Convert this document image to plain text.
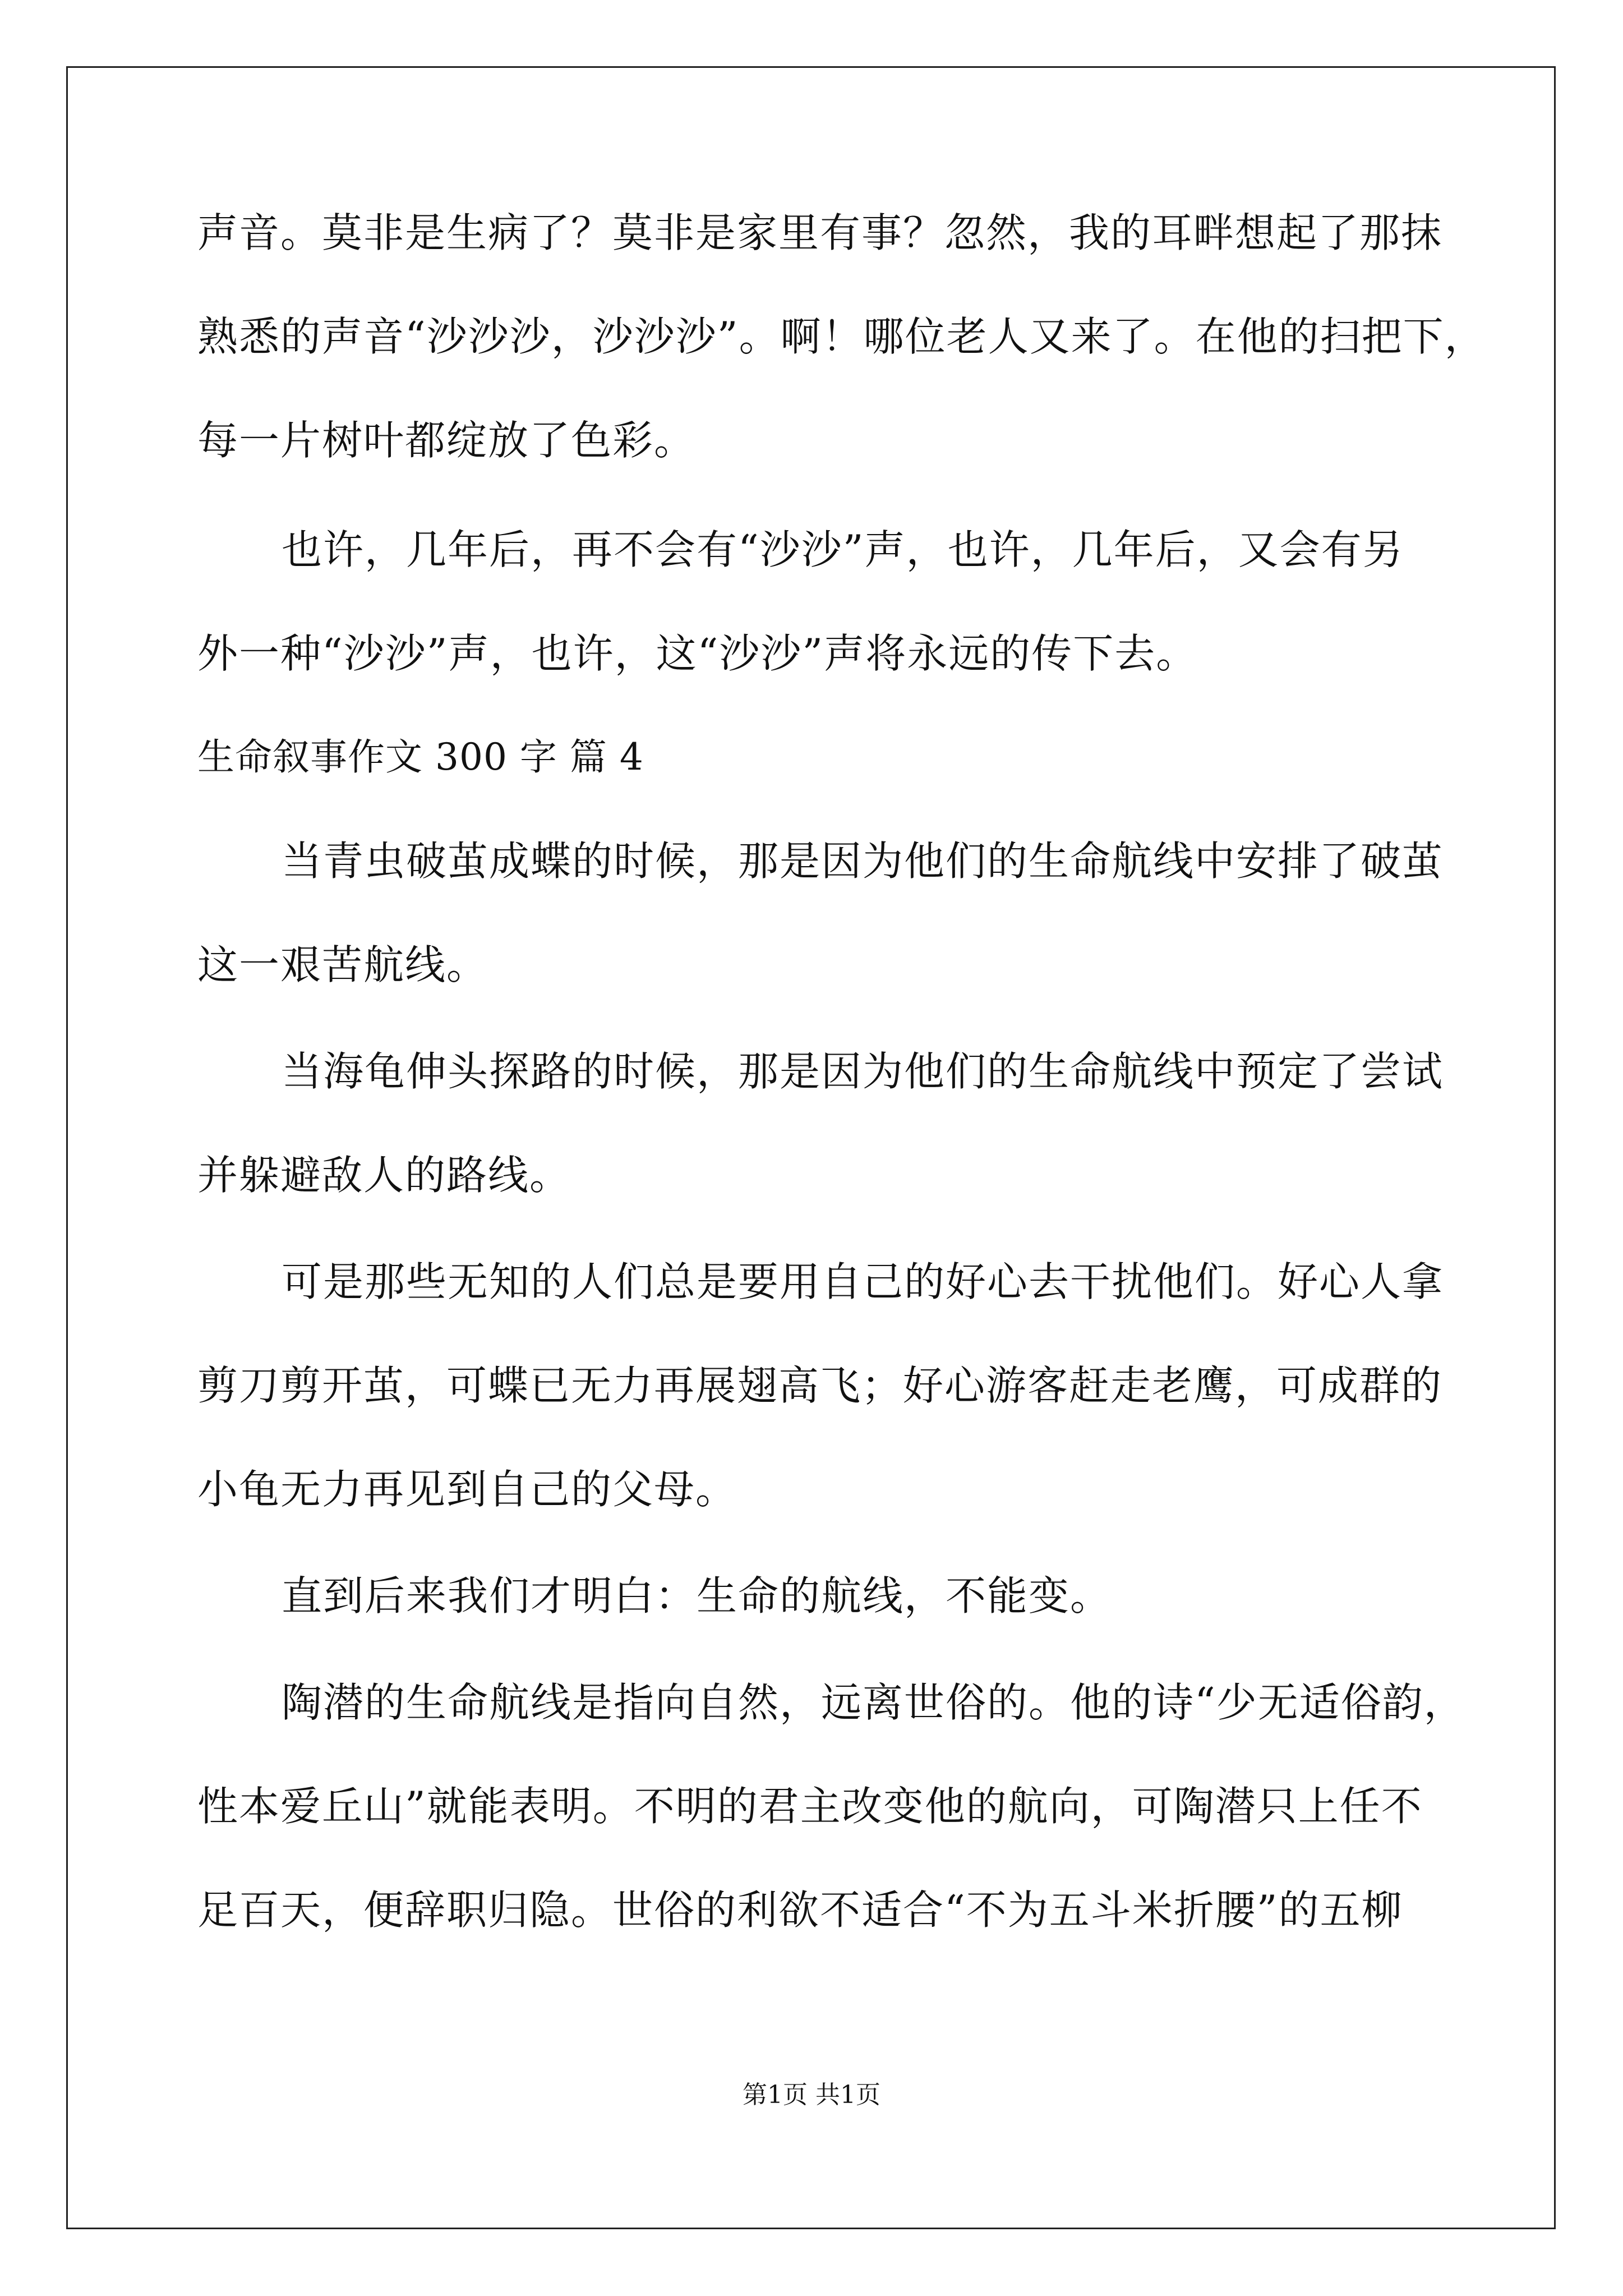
声音。莫非是生病了？莫非是家里有事？忽然，我的耳畔想起了那抹
熟悉的声音“沙沙沙，沙沙沙”。啊！哪位老人又来了。在他的扫把下，
每一片树叶都绽放了色彩。
也许，几年后，再不会有“沙沙”声，也许，几年后，又会有另
外一种“沙沙”声，也许，这“沙沙”声将永远的传下去。
生命叙事作文 300 字 篇 4
当青虫破茧成蝶的时候，那是因为他们的生命航线中安排了破茧
这一艰苦航线。
当海龟伸头探路的时候，那是因为他们的生命航线中预定了尝试
并躲避敌人的路线。
可是那些无知的人们总是要用自己的好心去干扰他们。好心人拿
剪刀剪开茧，可蝶已无力再展翅高飞；好心游客赶走老鹰，可成群的
小龟无力再见到自己的父母。
直到后来我们才明白：生命的航线，不能变。
陶潜的生命航线是指向自然，远离世俗的。他的诗“少无适俗韵，
性本爱丘山”就能表明。不明的君主改变他的航向，可陶潜只上任不
足百天，便辞职归隐。世俗的利欲不适合“不为五斗米折腰”的五柳
第1页 共1页
